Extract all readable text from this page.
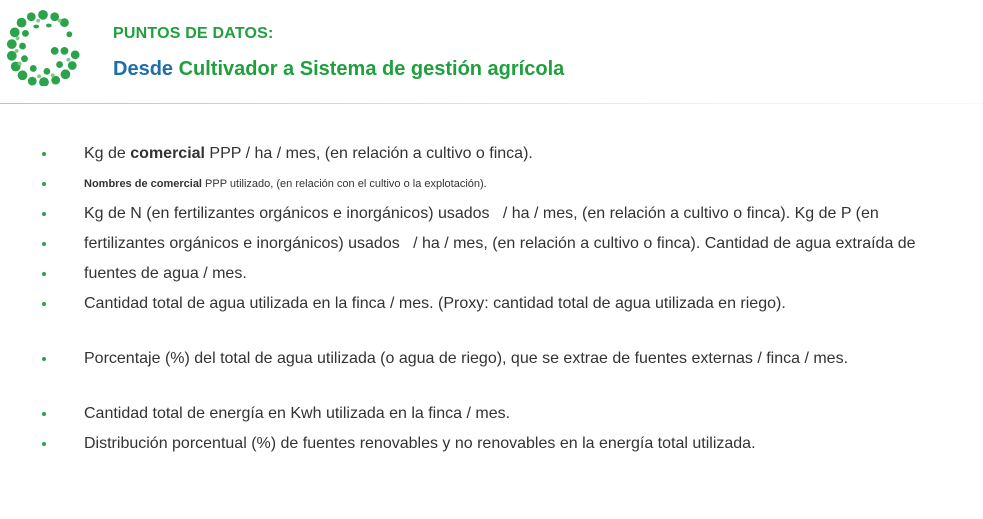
PUNTOS DE DATOS:
Desde Cultivador a Sistema de gestión agrícola
Kg de comercial PPP / ha / mes, (en relación a cultivo o finca).
Nombres de comercial PPP utilizado, (en relación con el cultivo o la explotación).
Kg de N (en fertilizantes orgánicos e inorgánicos) usados   / ha / mes, (en relación a cultivo o finca). Kg de P (en
fertilizantes orgánicos e inorgánicos) usados   / ha / mes, (en relación a cultivo o finca). Cantidad de agua extraída de
fuentes de agua / mes.
Cantidad total de agua utilizada en la finca / mes. (Proxy: cantidad total de agua utilizada en riego).
Porcentaje (%) del total de agua utilizada (o agua de riego), que se extrae de fuentes externas / finca / mes.
Cantidad total de energía en Kwh utilizada en la finca / mes.
Distribución porcentual (%) de fuentes renovables y no renovables en la energía total utilizada.
